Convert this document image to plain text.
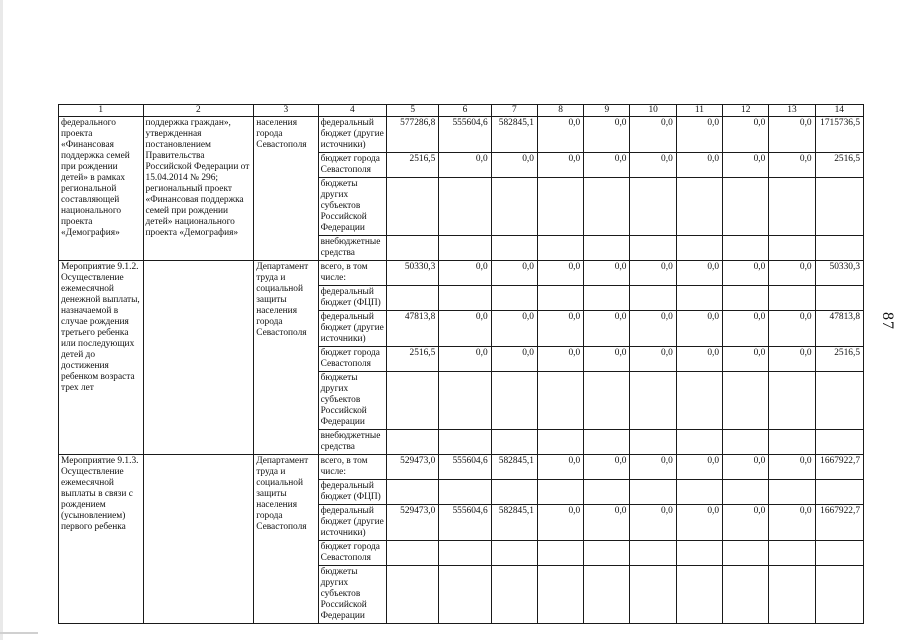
87
1	2	3	4	5	6	7	8	9	10	11	12	13	14
федерального проекта «Финансовая поддержка семей при рождении детей» в рамках региональной составляющей национального проекта «Демография»	поддержка граждан», утвержденная постановлением Правительства Российской Федерации от 15.04.2014 № 296; региональный проект «Финансовая поддержка семей при рождении детей» национального проекта «Демография»	населения города Севастополя	федеральный бюджет (другие источники)	577286,8	555604,6	582845,1	0,0	0,0	0,0	0,0	0,0	0,0	1715736,5
			бюджет города Севастополя	2516,5	0,0	0,0	0,0	0,0	0,0	0,0	0,0	0,0	2516,5
			бюджеты других субъектов Российской Федерации										
			внебюджетные средства										
Мероприятие 9.1.2. Осуществление ежемесячной денежной выплаты, назначаемой в случае рождения третьего ребенка или последующих детей до достижения ребенком возраста трех лет		Департамент труда и социальной защиты населения города Севастополя	всего, в том числе:	50330,3	0,0	0,0	0,0	0,0	0,0	0,0	0,0	0,0	50330,3
			федеральный бюджет (ФЦП)										
			федеральный бюджет (другие источники)	47813,8	0,0	0,0	0,0	0,0	0,0	0,0	0,0	0,0	47813,8
			бюджет города Севастополя	2516,5	0,0	0,0	0,0	0,0	0,0	0,0	0,0	0,0	2516,5
			бюджеты других субъектов Российской Федерации										
			внебюджетные средства										
Мероприятие 9.1.3. Осуществление ежемесячной выплаты в связи с рождением (усыновлением) первого ребенка		Департамент труда и социальной защиты населения города Севастополя	всего, в том числе:	529473,0	555604,6	582845,1	0,0	0,0	0,0	0,0	0,0	0,0	1667922,7
			федеральный бюджет (ФЦП)										
			федеральный бюджет (другие источники)	529473,0	555604,6	582845,1	0,0	0,0	0,0	0,0	0,0	0,0	1667922,7
			бюджет города Севастополя										
			бюджеты других субъектов Российской Федерации										
